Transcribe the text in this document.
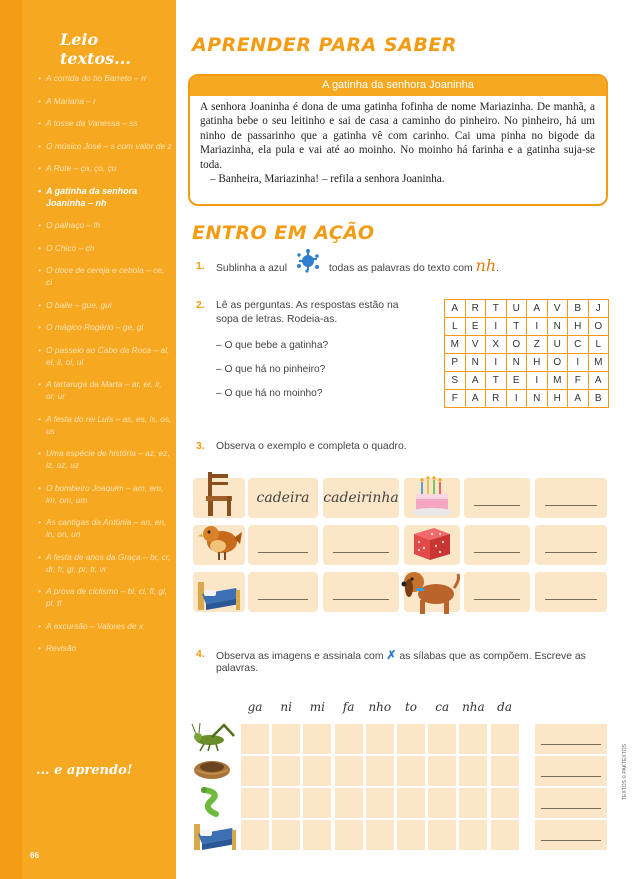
Leio textos...
• A corrida do tio Barreto – rr
• A Mariana – r
• A tosse da Vanessa – ss
• O músico José – s com valor de z
• A Rute – ça, ço, çu
• A gatinha da senhora Joaninha – nh
• O palhaço – lh
• O Chico – ch
• O doce de cereja e cebola – ce, ci
• O baile – gue, gui
• O mágico Rogério – ge, gi
• O passeio ao Cabo da Roca – al, el, il, ol, ul
• A tartaruga da Marta – ar, er, ir, or, ur
• A festa do rei Luís – as, es, is, os, us
• Uma espécie de história – az, ez, iz, oz, uz
• O bombeiro Joaquim – am, em, im, om, um
• As cantigas da Antónia – an, en, in, on, un
• A festa de anos da Graça – br, cr, dr, fr, gr, pr, tr, vr
• A prova de ciclismo – bl, cl, fl, gl, pl, tl
• A excursão – Valores de x
• Revisão
... e aprendo!
66
APRENDER PARA SABER
A gatinha da senhora Joaninha

A senhora Joaninha é dona de uma gatinha fofinha de nome Mariazinha. De manhã, a gatinha bebe o seu leitinho e sai de casa a caminho do pinheiro. No pinheiro, há um ninho de passarinho que a gatinha vê com carinho. Cai uma pinha no bigode da Mariazinha, ela pula e vai até ao moinho. No moinho há farinha e a gatinha suja-se toda.

– Banheira, Mariazinha! – refila a senhora Joaninha.

ENTRO EM AÇÃO
1. Sublinha a azul	todas as palavras do texto com nh.
2. Lê as perguntas. As respostas estão na
sopa de letras. Rodeia-as.
– O que bebe a gatinha?
– O que há no pinheiro?
– O que há no moinho?
A	R	T	U	A	V	B	J
L	E	I	T	I	N	H	O
M	V	X	O	Z	U	C	L
P	N	I	N	H	O	I	M
S	A	T	E	I	M	F	A
F	A	R	I	N	H	A	B
3. Observa o exemplo e completa o quadro.
cadeira cadeirinha
4. Observa as imagens e assinala com ✗ as sílabas que as compõem. Escreve as
palavras.
ga	ni	mi	fa	nho	to	ca	nha	da
TEXTOS © PAKTEXTOS
